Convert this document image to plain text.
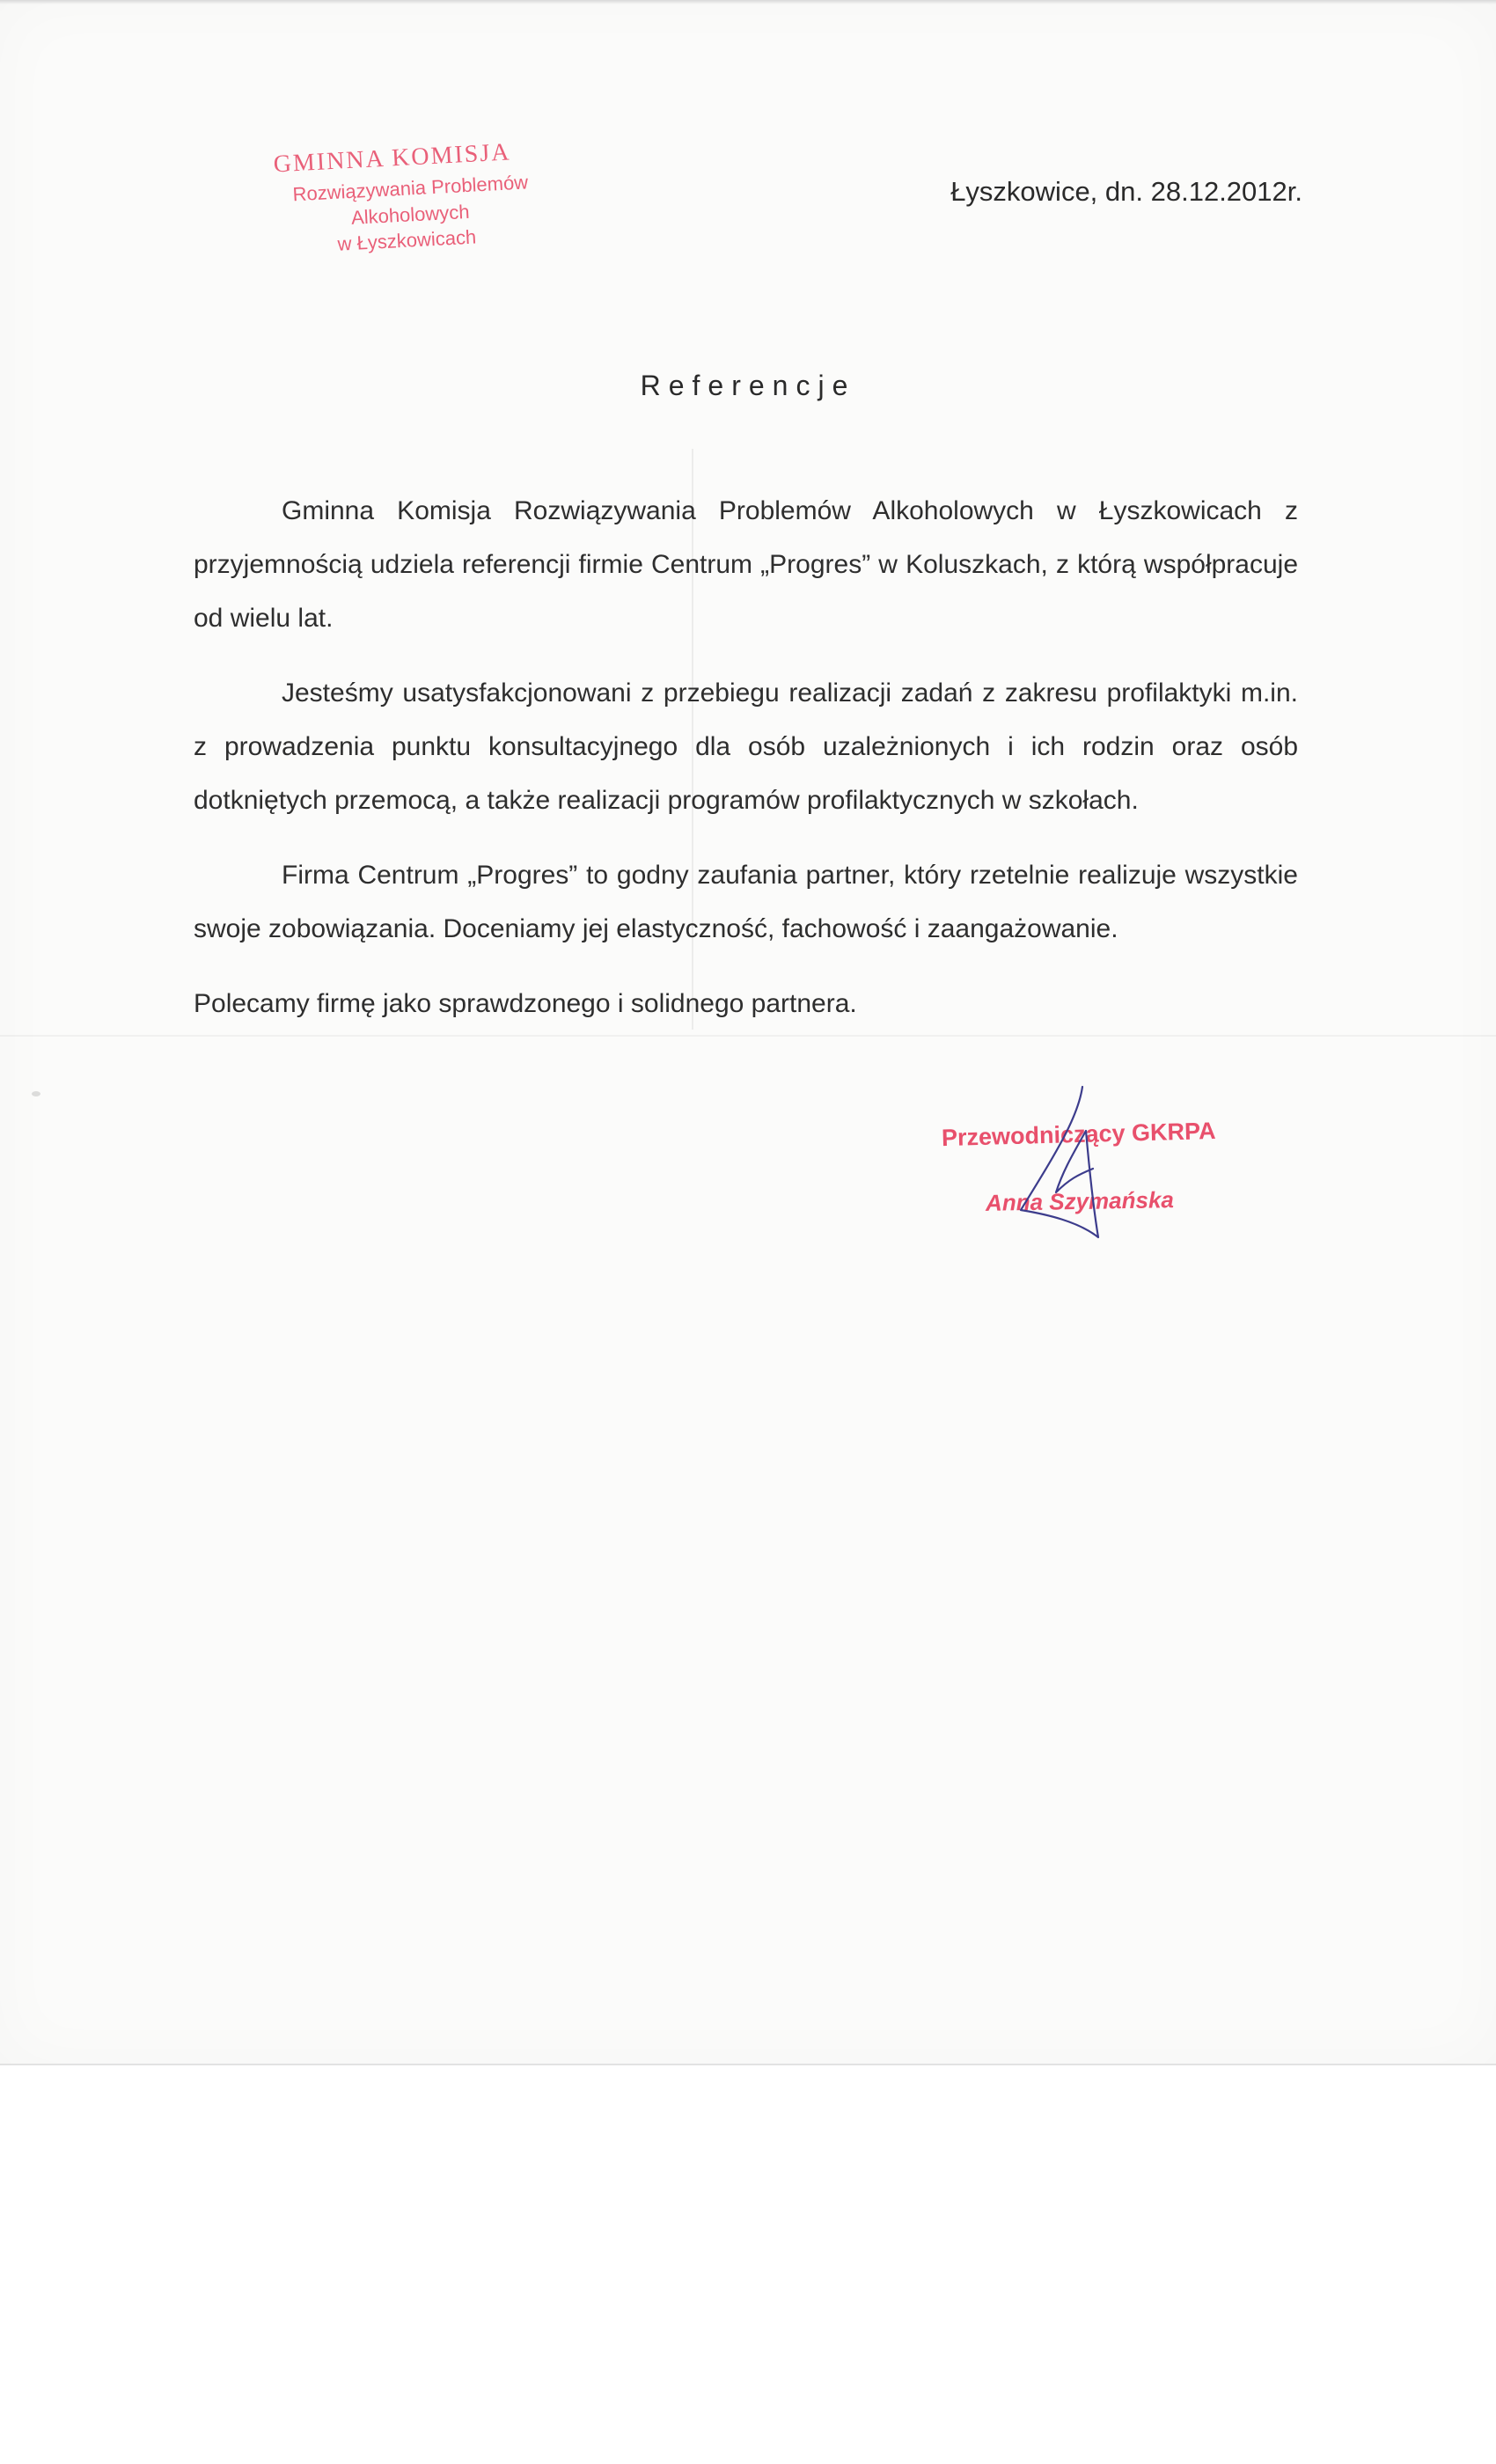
GMINNA KOMISJA
Rozwiązywania Problemów
Alkoholowych
w Łyszkowicach
Łyszkowice, dn. 28.12.2012r.
Referencje

Gminna Komisja Rozwiązywania Problemów Alkoholowych w Łyszkowicach z przyjemnością udziela referencji firmie Centrum „Progres” w Koluszkach, z którą współpracuje od wielu lat.

Jesteśmy usatysfakcjonowani z przebiegu realizacji zadań z zakresu profilaktyki m.in. z prowadzenia punktu konsultacyjnego dla osób uzależnionych i ich rodzin oraz osób dotkniętych przemocą, a także realizacji programów profilaktycznych w szkołach.

Firma Centrum „Progres” to godny zaufania partner, który rzetelnie realizuje wszystkie swoje zobowiązania. Doceniamy jej elastyczność, fachowość i zaangażowanie.

Polecamy firmę jako sprawdzonego i solidnego partnera.

Przewodniczący GKRPA
Anna Szymańska
